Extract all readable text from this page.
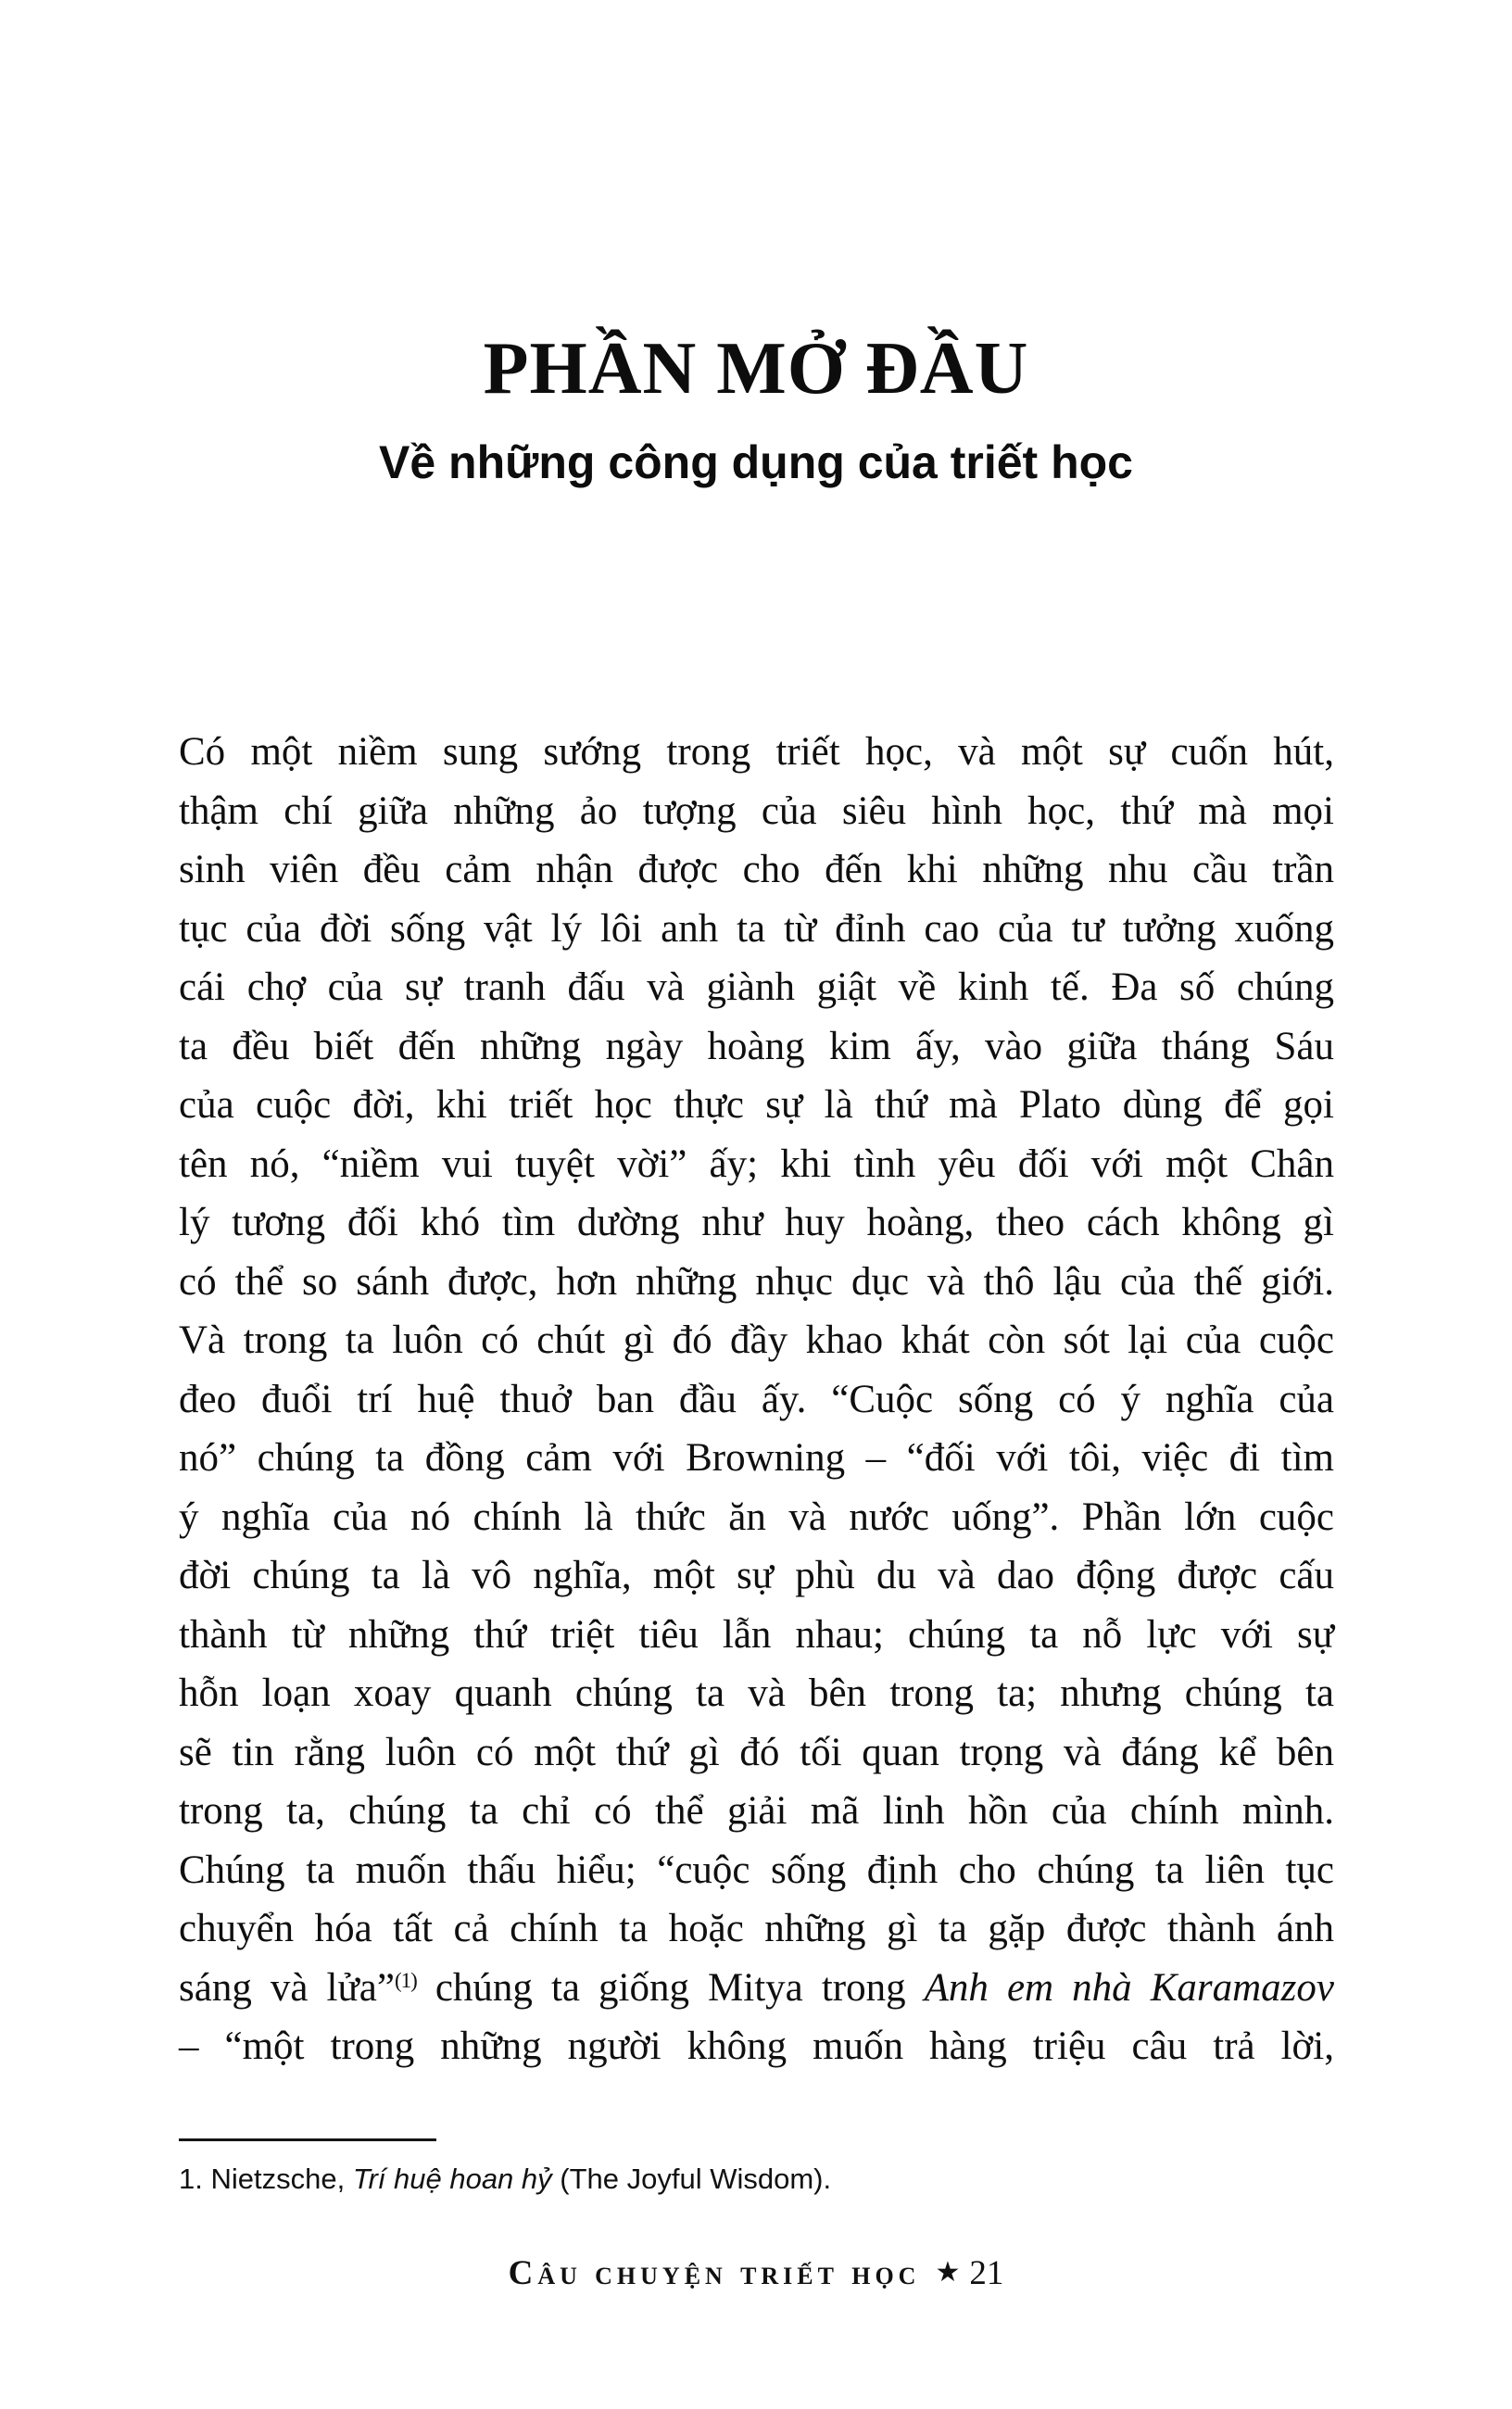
PHẦN MỞ ĐẦU
Về những công dụng của triết học
Có một niềm sung sướng trong triết học, và một sự cuốn hút,
thậm chí giữa những ảo tượng của siêu hình học, thứ mà mọi
sinh viên đều cảm nhận được cho đến khi những nhu cầu trần
tục của đời sống vật lý lôi anh ta từ đỉnh cao của tư tưởng xuống
cái chợ của sự tranh đấu và giành giật về kinh tế. Đa số chúng
ta đều biết đến những ngày hoàng kim ấy, vào giữa tháng Sáu
của cuộc đời, khi triết học thực sự là thứ mà Plato dùng để gọi
tên nó, “niềm vui tuyệt vời” ấy; khi tình yêu đối với một Chân
lý tương đối khó tìm dường như huy hoàng, theo cách không gì
có thể so sánh được, hơn những nhục dục và thô lậu của thế giới.
Và trong ta luôn có chút gì đó đầy khao khát còn sót lại của cuộc
đeo đuổi trí huệ thuở ban đầu ấy. “Cuộc sống có ý nghĩa của
nó” chúng ta đồng cảm với Browning – “đối với tôi, việc đi tìm
ý nghĩa của nó chính là thức ăn và nước uống”. Phần lớn cuộc
đời chúng ta là vô nghĩa, một sự phù du và dao động được cấu
thành từ những thứ triệt tiêu lẫn nhau; chúng ta nỗ lực với sự
hỗn loạn xoay quanh chúng ta và bên trong ta; nhưng chúng ta
sẽ tin rằng luôn có một thứ gì đó tối quan trọng và đáng kể bên
trong ta, chúng ta chỉ có thể giải mã linh hồn của chính mình.
Chúng ta muốn thấu hiểu; “cuộc sống định cho chúng ta liên tục
chuyển hóa tất cả chính ta hoặc những gì ta gặp được thành ánh
sáng và lửa”$^{(1)}$ chúng ta giống Mitya trong Anh em nhà Karamazov
– “một trong những người không muốn hàng triệu câu trả lời,
1. Nietzsche, Trí huệ hoan hỷ (The Joyful Wisdom).
Câu chuyện triết học ★ 21
